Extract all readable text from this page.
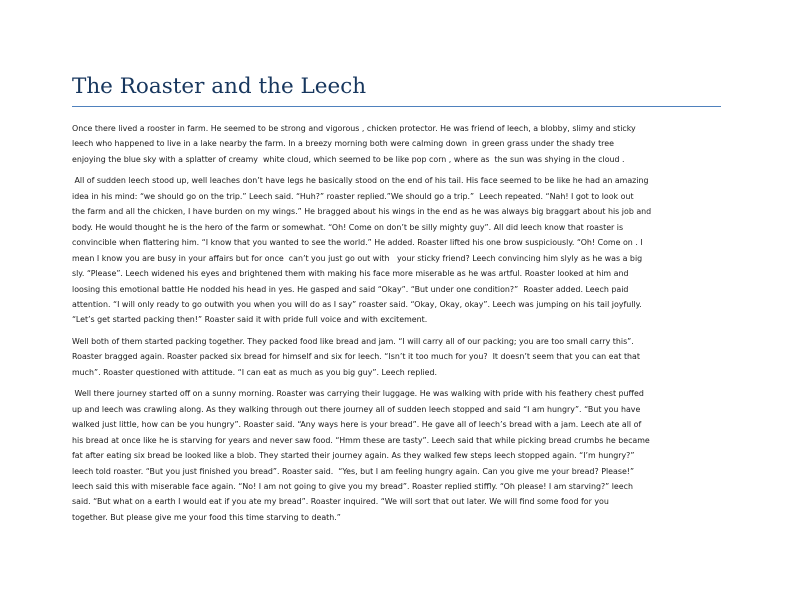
The Roaster and the Leech

Once there lived a rooster in farm. He seemed to be strong and vigorous , chicken protector. He was friend of leech, a blobby, slimy and sticky
leech who happened to live in a lake nearby the farm. In a breezy morning both were calming down  in green grass under the shady tree
enjoying the blue sky with a splatter of creamy  white cloud, which seemed to be like pop corn , where as  the sun was shying in the cloud .

All of sudden leech stood up, well leaches don’t have legs he basically stood on the end of his tail. His face seemed to be like he had an amazing
idea in his mind: “we should go on the trip.” Leech said. “Huh?” roaster replied.”We should go a trip.”  Leech repeated. “Nah! I got to look out
the farm and all the chicken, I have burden on my wings.” He bragged about his wings in the end as he was always big braggart about his job and
body. He would thought he is the hero of the farm or somewhat. “Oh! Come on don’t be silly mighty guy”. All did leech know that roaster is
convincible when flattering him. “I know that you wanted to see the world.” He added. Roaster lifted his one brow suspiciously. “Oh! Come on . I
mean I know you are busy in your affairs but for once  can’t you just go out with   your sticky friend? Leech convincing him slyly as he was a big
sly. “Please”. Leech widened his eyes and brightened them with making his face more miserable as he was artful. Roaster looked at him and
loosing this emotional battle He nodded his head in yes. He gasped and said “Okay”. “But under one condition?”  Roaster added. Leech paid
attention. “I will only ready to go outwith you when you will do as I say” roaster said. “Okay, Okay, okay”. Leech was jumping on his tail joyfully.
“Let’s get started packing then!” Roaster said it with pride full voice and with excitement.

Well both of them started packing together. They packed food like bread and jam. “I will carry all of our packing; you are too small carry this”.
Roaster bragged again. Roaster packed six bread for himself and six for leech. “Isn’t it too much for you?  It doesn’t seem that you can eat that
much”. Roaster questioned with attitude. “I can eat as much as you big guy”. Leech replied.

Well there journey started off on a sunny morning. Roaster was carrying their luggage. He was walking with pride with his feathery chest puffed
up and leech was crawling along. As they walking through out there journey all of sudden leech stopped and said “I am hungry”. “But you have
walked just little, how can be you hungry”. Roaster said. “Any ways here is your bread”. He gave all of leech’s bread with a jam. Leech ate all of
his bread at once like he is starving for years and never saw food. “Hmm these are tasty”. Leech said that while picking bread crumbs he became
fat after eating six bread be looked like a blob. They started their journey again. As they walked few steps leech stopped again. “I’m hungry?”
leech told roaster. “But you just finished you bread”. Roaster said.  “Yes, but I am feeling hungry again. Can you give me your bread? Please!”
leech said this with miserable face again. “No! I am not going to give you my bread”. Roaster replied stiffly. “Oh please! I am starving?” leech
said. “But what on a earth I would eat if you ate my bread”. Roaster inquired. “We will sort that out later. We will find some food for you
together. But please give me your food this time starving to death.”
